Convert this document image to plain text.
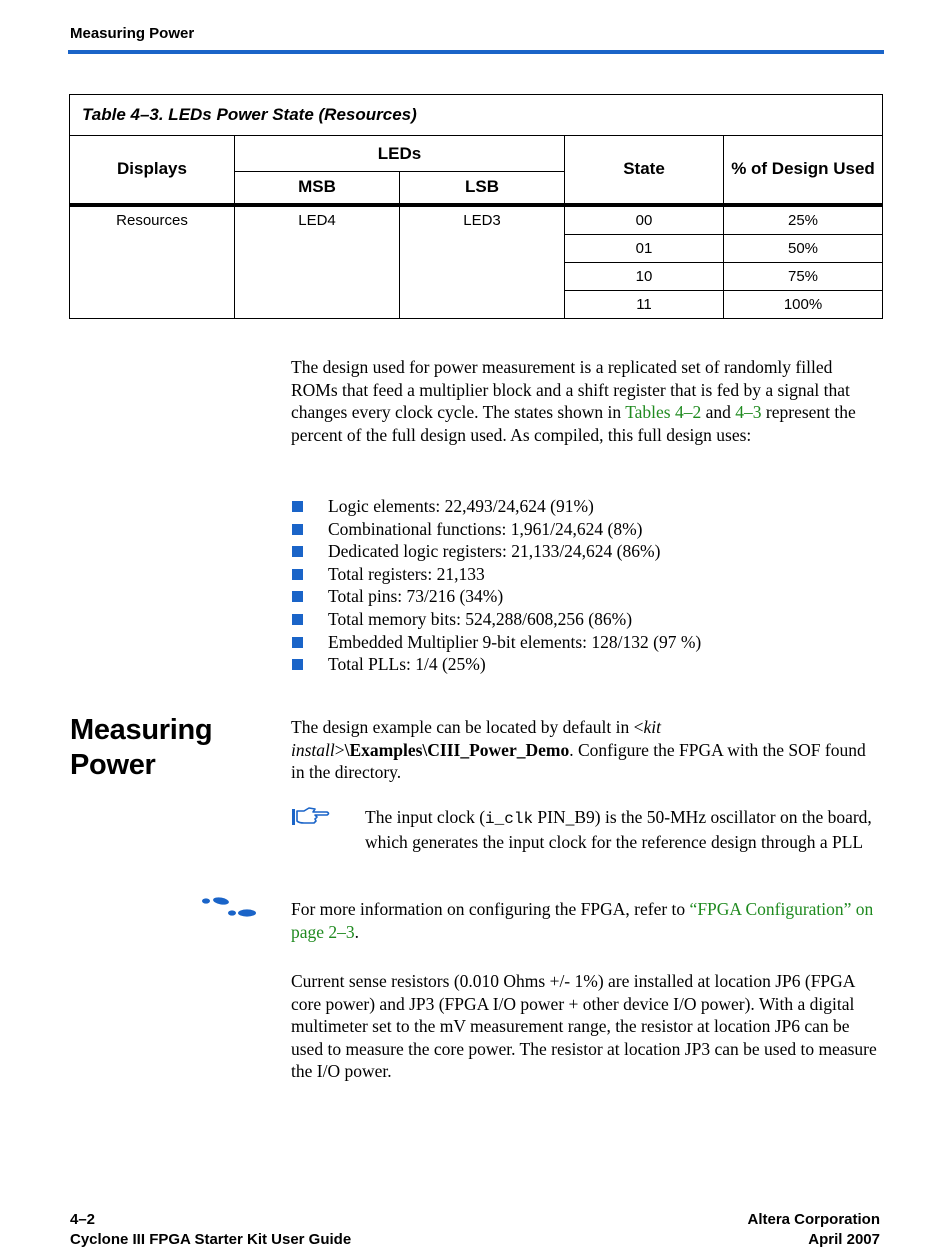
Measuring Power
Table 4–3. LEDs Power State (Resources)				
Displays	LEDs		State	% of Design Used
	MSB	LSB		
Resources	LED4	LED3	00	25%
			01	50%
			10	75%
			11	100%
The design used for power measurement is a replicated set of randomly filled ROMs that feed a multiplier block and a shift register that is fed by a signal that changes every clock cycle. The states shown in Tables 4–2 and 4–3 represent the percent of the full design used. As compiled, this full design uses:
Logic elements: 22,493/24,624 (91%)
Combinational functions: 1,961/24,624 (8%)
Dedicated logic registers: 21,133/24,624 (86%)
Total registers: 21,133
Total pins: 73/216 (34%)
Total memory bits: 524,288/608,256 (86%)
Embedded Multiplier 9-bit elements: 128/132 (97 %)
Total PLLs: 1/4 (25%)
Measuring
Power
The design example can be located by default in <kit install>\Examples\CIII_Power_Demo. Configure the FPGA with the SOF found in the directory.
The input clock (i_clk PIN_B9) is the 50-MHz oscillator on the board, which generates the input clock for the reference design through a PLL
For more information on configuring the FPGA, refer to “FPGA Configuration” on page 2–3.
Current sense resistors (0.010 Ohms +/- 1%) are installed at location JP6 (FPGA core power) and JP3 (FPGA I/O power + other device I/O power). With a digital multimeter set to the mV measurement range, the resistor at location JP6 can be used to measure the core power. The resistor at location JP3 can be used to measure the I/O power.
4–2
Cyclone III FPGA Starter Kit User Guide
Altera Corporation
April 2007
